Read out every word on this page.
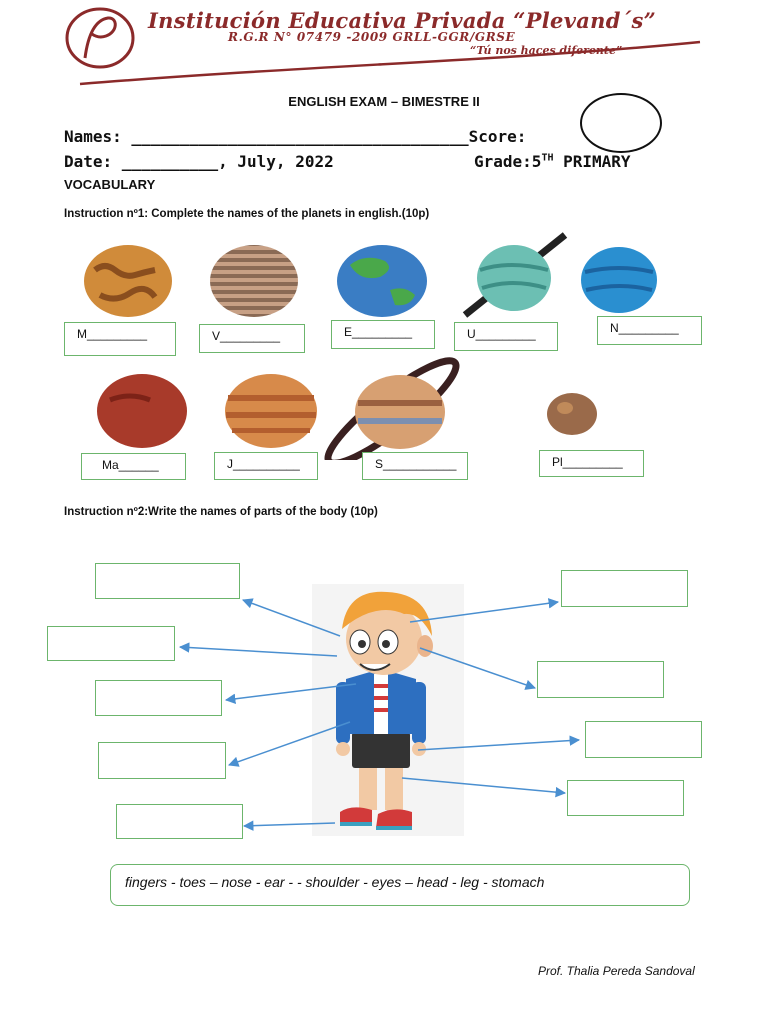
Institución Educativa Privada “Plevand´s”
R.G.R N° 07479 -2009 GRLL-GGR/GRSE
“Tú nos haces diferente”
ENGLISH EXAM – BIMESTRE II
Names: ___________________________________Score:
Date: __________, July, 2022	Grade:5TH PRIMARY
VOCABULARY
Instruction nº1: Complete the names of the planets in english.(10p)
M_________	V_________	E_________	U_________	N_________
Ma______	J__________	S___________	Pl_________
Instruction nº2:Write the names of parts of the body (10p)
fingers - toes – nose - ear - - shoulder - eyes – head - leg - stomach
Prof. Thalia Pereda Sandoval
